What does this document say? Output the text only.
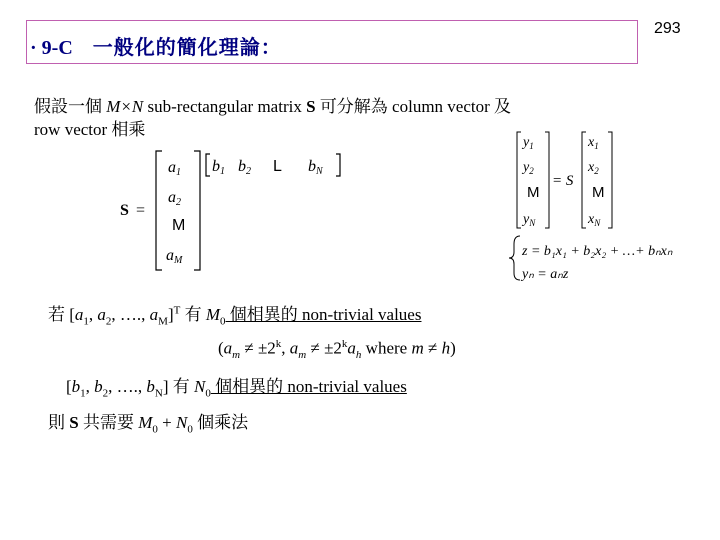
293
· 9-C 一般化的簡化理論：
假設一個 M×N sub-rectangular matrix S 可分解為 column vector 及
row vector 相乘
S =
a1
a2
M
aM
b1 b2 L bN
$y_1$
$y_2$
M
$y_N$
= S
$x_1$
$x_2$
M
$x_N$
z = b₁x₁ + b₂x₂ + …+ bₙxₙ
yₙ = aₙz
若 [$a_1$, $a_2$, …., $a_M]^T$ 有 $M_0$ 個相異的 non-trivial values
($a_m \ne \pm 2^k$, $a_m \ne \pm 2^ka_h$ where m ≠ h)
[$b_1$, $b_2$, …., $b_N$] 有 $N_0$ 個相異的 non-trivial values
則 S 共需要 $M_0 + N_0$ 個乘法
